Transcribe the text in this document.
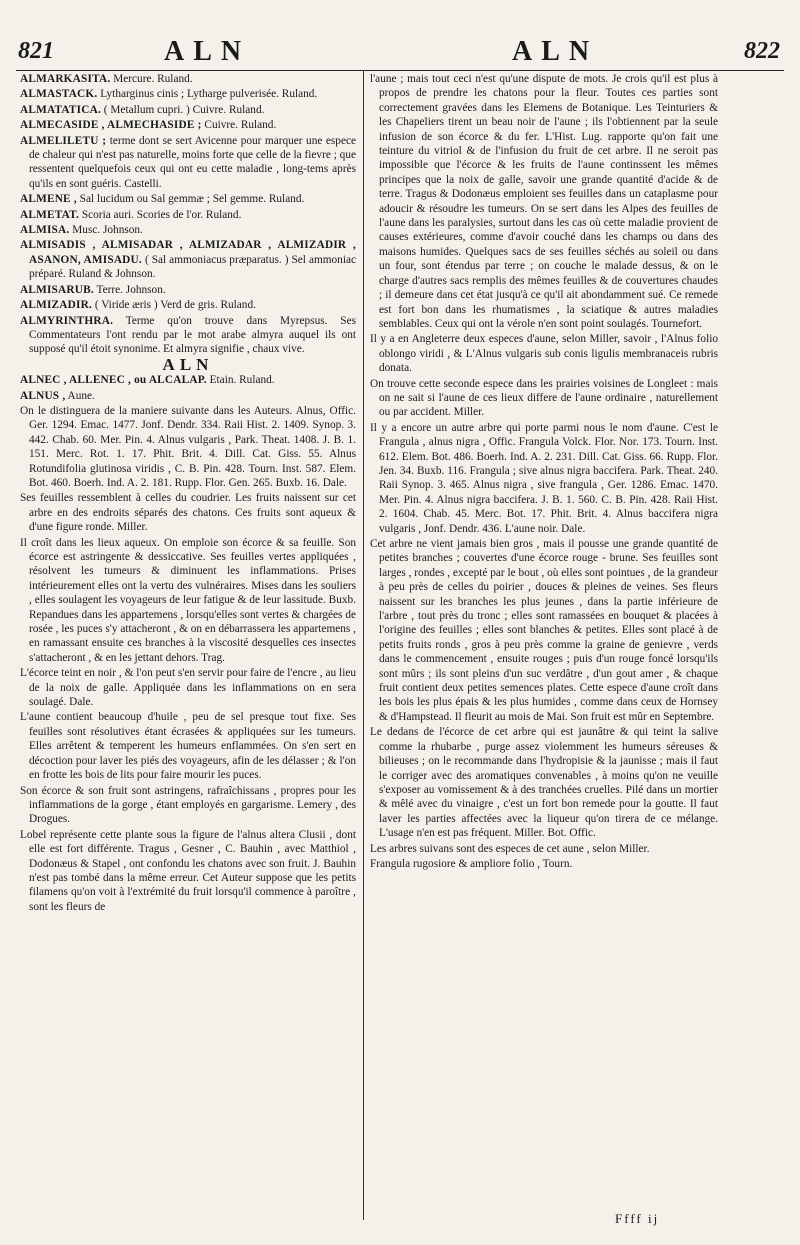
821	ALN	ALN	822

ALMARKASITA. Mercure. Ruland.

ALMASTACK. Lytharginus cinis ; Lytharge pulverisée. Ruland.

ALMATATICA. ( Metallum cupri. ) Cuivre. Ruland.

ALMECASIDE , ALMECHASIDE ; Cuivre. Ruland.

ALMELILETU ; terme dont se sert Avicenne pour marquer une espece de chaleur qui n'est pas naturelle, moins forte que celle de la fievre ; que ressentent quelquefois ceux qui ont eu cette maladie , long-tems après qu'ils en sont guéris. Castelli.

ALMENE , Sal lucidum ou Sal gemmæ ; Sel gemme. Ruland.

ALMETAT. Scoria auri. Scories de l'or. Ruland.

ALMISA. Musc. Johnson.

ALMISADIS , ALMISADAR , ALMIZADAR , ALMIZADIR , ASANON, AMISADU. ( Sal ammoniacus præparatus. ) Sel ammoniac préparé. Ruland & Johnson.

ALMISARUB. Terre. Johnson.

ALMIZADIR. ( Viride æris ) Verd de gris. Ruland.

ALMYRINTHRA. Terme qu'on trouve dans Myrepsus. Ses Commentateurs l'ont rendu par le mot arabe almyra auquel ils ont supposé qu'il étoit synonime. Et almyra signifie , chaux vive.

ALN

ALNEC , ALLENEC , ou ALCALAP. Etain. Ruland.

ALNUS , Aune.

On le distinguera de la maniere suivante dans les Auteurs. Alnus, Offic. Ger. 1294. Emac. 1477. Jonf. Dendr. 334. Raii Hist. 2. 1409. Synop. 3. 442. Chab. 60. Mer. Pin. 4. Alnus vulgaris , Park. Theat. 1408. J. B. 1. 151. Merc. Rot. 1. 17. Phit. Brit. 4. Dill. Cat. Giss. 55. Alnus Rotundifolia glutinosa viridis , C. B. Pin. 428. Tourn. Inst. 587. Elem. Bot. 460. Boerh. Ind. A. 2. 181. Rupp. Flor. Gen. 265. Buxb. 16. Dale.

Ses feuilles ressemblent à celles du coudrier. Les fruits naissent sur cet arbre en des endroits séparés des chatons. Ces fruits sont aqueux & d'une figure ronde. Miller.

Il croît dans les lieux aqueux. On emploie son écorce & sa feuille. Son écorce est astringente & dessiccative. Ses feuilles vertes appliquées , résolvent les tumeurs & diminuent les inflammations. Prises intérieurement elles ont la vertu des vulnéraires. Mises dans les souliers , elles soulagent les voyageurs de leur fatigue & de leur lassitude. Buxb. Repandues dans les appartemens , lorsqu'elles sont vertes & chargées de rosée , les puces s'y attacheront , & on en débarrassera les appartemens , en ramassant ensuite ces branches à la viscosité desquelles ces insectes s'attacheront , & en les jettant dehors. Trag.

L'écorce teint en noir , & l'on peut s'en servir pour faire de l'encre , au lieu de la noix de galle. Appliquée dans les inflammations on en sera soulagé. Dale.

L'aune contient beaucoup d'huile , peu de sel presque tout fixe. Ses feuilles sont résolutives étant écrasées & appliquées sur les tumeurs. Elles arrêtent & temperent les humeurs enflammées. On s'en sert en décoction pour laver les piés des voyageurs, afin de les délasser ; & l'on en frotte les bois de lits pour faire mourir les puces.

Son écorce & son fruit sont astringens, rafraîchissans , propres pour les inflammations de la gorge , étant employés en gargarisme. Lemery , des Drogues.

Lobel représente cette plante sous la figure de l'alnus altera Clusii , dont elle est fort différente. Tragus , Gesner , C. Bauhin , avec Matthiol , Dodonæus & Stapel , ont confondu les chatons avec son fruit. J. Bauhin n'est pas tombé dans la même erreur. Cet Auteur suppose que les petits filamens qu'on voit à l'extrémité du fruit lorsqu'il commence à paroître , sont les fleurs de

l'aune ; mais tout ceci n'est qu'une dispute de mots. Je crois qu'il est plus à propos de prendre les chatons pour la fleur. Toutes ces parties sont correctement gravées dans les Elemens de Botanique. Les Teinturiers & les Chapeliers tirent un beau noir de l'aune ; ils l'obtiennent par la seule infusion de son écorce & du fer. L'Hist. Lug. rapporte qu'on fait une teinture du vitriol & de l'infusion du fruit de cet arbre. Il ne seroit pas impossible que l'écorce & les fruits de l'aune continssent les mêmes principes que la noix de galle, savoir une grande quantité d'acide & de terre. Tragus & Dodonæus emploient ses feuilles dans un cataplasme pour adoucir & résoudre les tumeurs. On se sert dans les Alpes des feuilles de l'aune dans les paralysies, surtout dans les cas où cette maladie provient de causes extérieures, comme d'avoir couché dans les champs ou dans des maisons humides. Quelques sacs de ses feuilles séchés au soleil ou dans un four, sont étendus par terre ; on couche le malade dessus, & on le charge d'autres sacs remplis des mêmes feuilles & de couvertures chaudes ; il demeure dans cet état jusqu'à ce qu'il ait abondamment sué. Ce remede est fort bon dans les rhumatismes , la sciatique & autres maladies semblables. Ceux qui ont la vérole n'en sont point soulagés. Tournefort.

Il y a en Angleterre deux especes d'aune, selon Miller, savoir , l'Alnus folio oblongo viridi , & L'Alnus vulgaris sub conis ligulis membranaceis rubris donata.

On trouve cette seconde espece dans les prairies voisines de Longleet : mais on ne sait si l'aune de ces lieux differe de l'aune ordinaire , naturellement ou par accident. Miller.

Il y a encore un autre arbre qui porte parmi nous le nom d'aune. C'est le Frangula , alnus nigra , Offic. Frangula Volck. Flor. Nor. 173. Tourn. Inst. 612. Elem. Bot. 486. Boerh. Ind. A. 2. 231. Dill. Cat. Giss. 66. Rupp. Flor. Jen. 34. Buxb. 116. Frangula ; sive alnus nigra baccifera. Park. Theat. 240. Raii Synop. 3. 465. Alnus nigra , sive frangula , Ger. 1286. Emac. 1470. Mer. Pin. 4. Alnus nigra baccifera. J. B. 1. 560. C. B. Pin. 428. Raii Hist. 2. 1604. Chab. 45. Merc. Bot. 17. Phit. Brit. 4. Alnus baccifera nigra vulgaris , Jonf. Dendr. 436. L'aune noir. Dale.

Cet arbre ne vient jamais bien gros , mais il pousse une grande quantité de petites branches ; couvertes d'une écorce rouge - brune. Ses feuilles sont larges , rondes , excepté par le bout , où elles sont pointues , de la grandeur à peu près de celles du poirier , douces & pleines de veines. Ses fleurs naissent sur les branches les plus jeunes , dans la partie inférieure de l'arbre , tout près du tronc ; elles sont ramassées en bouquet & placées à l'origine des feuilles ; elles sont blanches & petites. Elles sont placé à de petits fruits ronds , gros à peu près comme la graine de genievre , verds dans le commencement , ensuite rouges ; puis d'un rouge foncé lorsqu'ils sont mûrs ; ils sont pleins d'un suc verdâtre , d'un gout amer , & chaque fruit contient deux petites semences plates. Cette espece d'aune croît dans les bois les plus épais & les plus humides , comme dans ceux de Hornsey & d'Hampstead. Il fleurit au mois de Mai. Son fruit est mûr en Septembre.

Le dedans de l'écorce de cet arbre qui est jaunâtre & qui teint la salive comme la rhubarbe , purge assez violemment les humeurs séreuses & bilieuses ; on le recommande dans l'hydropisie & la jaunisse ; mais il faut le corriger avec des aromatiques convenables , à moins qu'on ne veuille s'exposer au vomissement & à des tranchées cruelles. Pilé dans un mortier & mêlé avec du vinaigre , c'est un fort bon remede pour la goutte. Il faut laver les parties affectées avec la liqueur qu'on tirera de ce mélange. L'usage n'en est pas fréquent. Miller. Bot. Offic.

Les arbres suivans sont des especes de cet aune , selon Miller.

Frangula rugosiore & ampliore folio , Tourn.

Ffff ij
